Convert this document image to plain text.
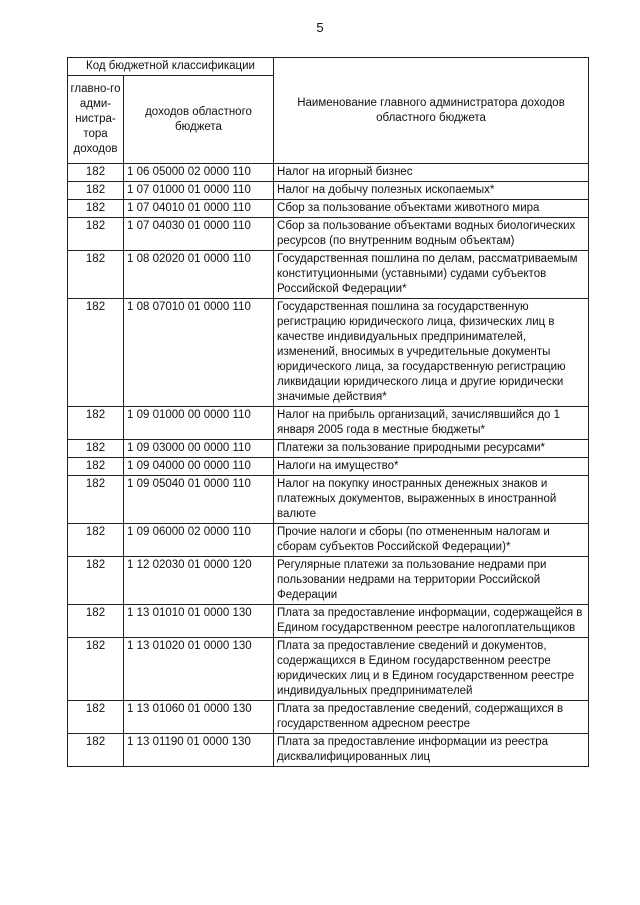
5
Код бюджетной классификации		Наименование главного администратора доходов областного бюджета
главно-го адми-нистра-тора доходов	доходов областного бюджета	
182	1 06 05000 02 0000 110	Налог на игорный бизнес
182	1 07 01000 01 0000 110	Налог на добычу полезных ископаемых*
182	1 07 04010 01 0000 110	Сбор за пользование объектами животного мира
182	1 07 04030 01 0000 110	Сбор за пользование объектами водных биологических ресурсов (по внутренним водным объектам)
182	1 08 02020 01 0000 110	Государственная пошлина по делам, рассматриваемым конституционными (уставными) судами субъектов Российской Федерации*
182	1 08 07010 01 0000 110	Государственная пошлина за государственную регистрацию юридического лица, физических лиц в качестве индивидуальных предпринимателей, изменений, вносимых в учредительные документы юридического лица, за государственную регистрацию ликвидации юридического лица и другие юридически значимые действия*
182	1 09 01000 00 0000 110	Налог на прибыль организаций, зачислявшийся до 1 января 2005 года в местные бюджеты*
182	1 09 03000 00 0000 110	Платежи за пользование природными ресурсами*
182	1 09 04000 00 0000 110	Налоги на имущество*
182	1 09 05040 01 0000 110	Налог на покупку иностранных денежных знаков и платежных документов, выраженных в иностранной валюте
182	1 09 06000 02 0000 110	Прочие налоги и сборы (по отмененным налогам и сборам субъектов Российской Федерации)*
182	1 12 02030 01 0000 120	Регулярные платежи за пользование недрами при пользовании недрами на территории Российской Федерации
182	1 13 01010 01 0000 130	Плата за предоставление информации, содержащейся в Едином государственном реестре налогоплательщиков
182	1 13 01020 01 0000 130	Плата за предоставление сведений и документов, содержащихся в Едином государственном реестре юридических лиц и в Едином государственном реестре индивидуальных предпринимателей
182	1 13 01060 01 0000 130	Плата за предоставление сведений, содержащихся в государственном адресном реестре
182	1 13 01190 01 0000 130	Плата за предоставление информации из реестра дисквалифицированных лиц
